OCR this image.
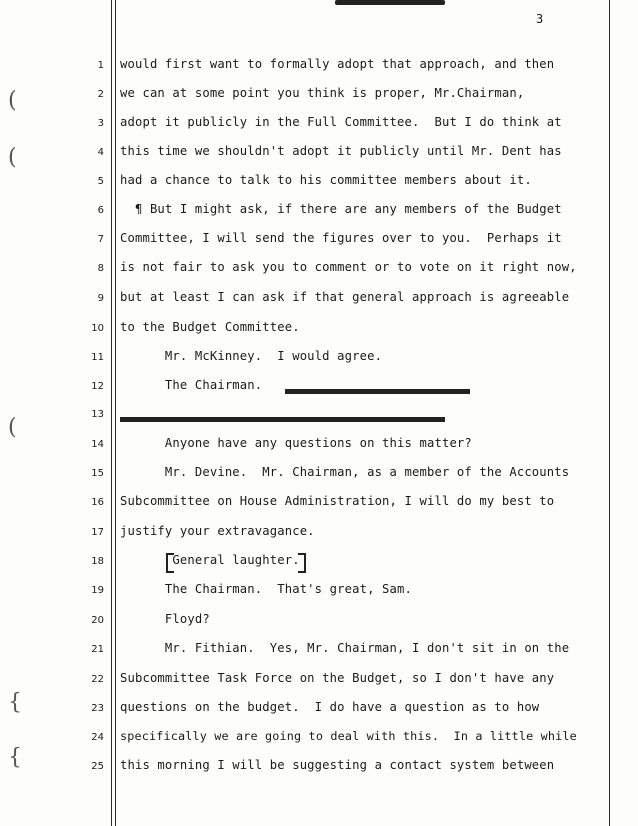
3
(
(
(
{
{
1 would first want to formally adopt that approach, and then
2 we can at some point you think is proper, Mr.Chairman,
3 adopt it publicly in the Full Committee.  But I do think at
4 this time we shouldn't adopt it publicly until Mr. Dent has
5 had a chance to talk to his committee members about it.
6 ¶ But I might ask, if there are any members of the Budget
7 Committee, I will send the figures over to you.  Perhaps it
8 is not fair to ask you to comment or to vote on it right now,
9 but at least I can ask if that general approach is agreeable
10 to the Budget Committee.
11 Mr. McKinney.  I would agree.
12 The Chairman.
13
14 Anyone have any questions on this matter?
15 Mr. Devine.  Mr. Chairman, as a member of the Accounts
16 Subcommittee on House Administration, I will do my best to
17 justify your extravagance.
18 General laughter.
19 The Chairman.  That's great, Sam.
20 Floyd?
21 Mr. Fithian.  Yes, Mr. Chairman, I don't sit in on the
22 Subcommittee Task Force on the Budget, so I don't have any
23 questions on the budget.  I do have a question as to how
24 specifically we are going to deal with this.  In a little while
25 this morning I will be suggesting a contact system between
